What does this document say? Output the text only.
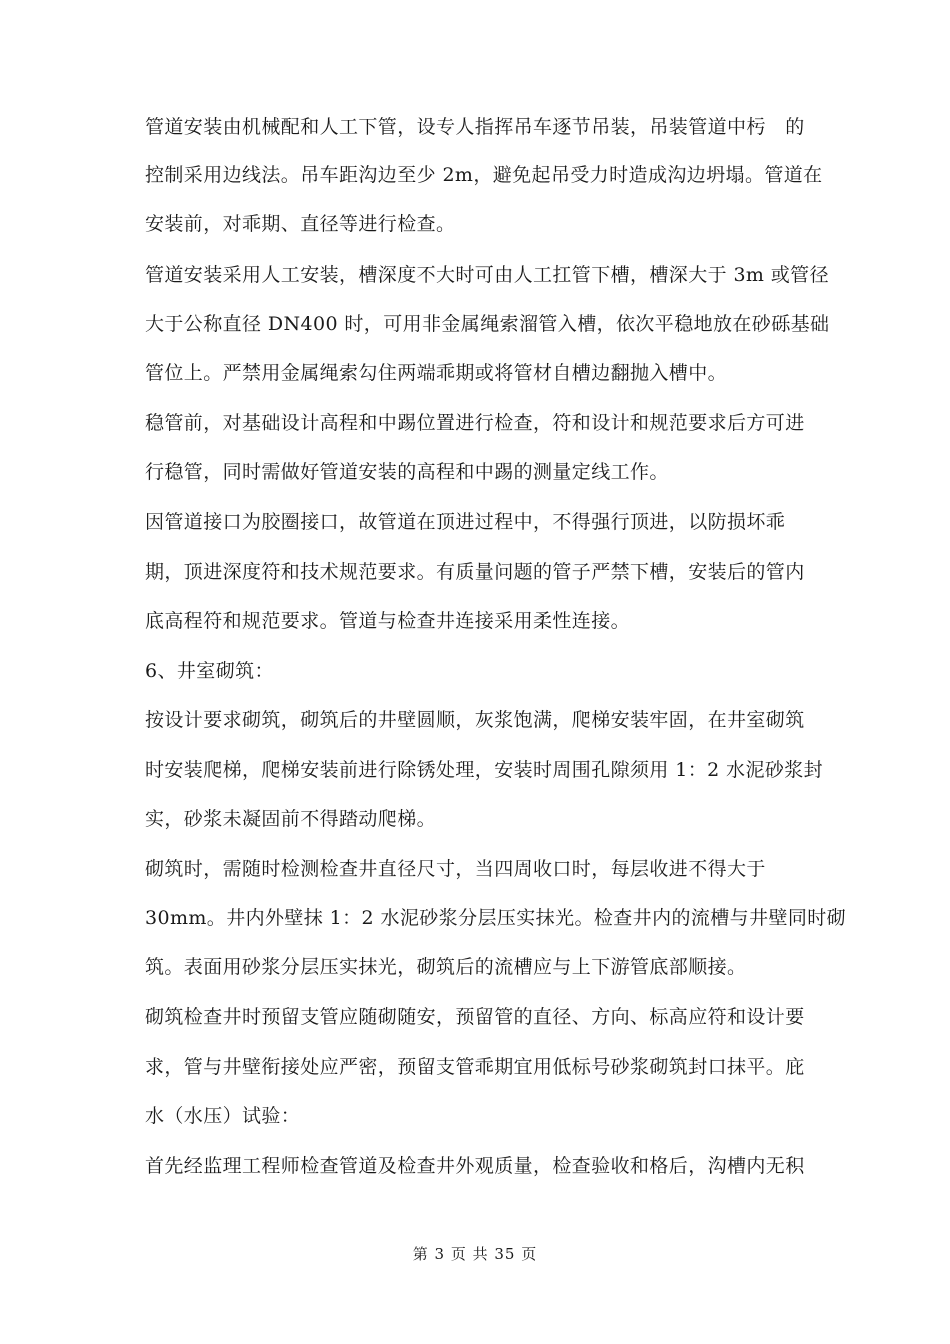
管道安装由机械配和人工下管，设专人指挥吊车逐节吊装，吊装管道中杇　的
控制采用边线法。吊车距沟边至少 2m，避免起吊受力时造成沟边坍塌。管道在
安装前，对乖期、直径等进行检查。
管道安装采用人工安装，槽深度不大时可由人工扛管下槽，槽深大于 3m 或管径
大于公称直径 DN400 时，可用非金属绳索溜管入槽，依次平稳地放在砂砾基础
管位上。严禁用金属绳索勾住两端乖期或将管材自槽边翻抛入槽中。
稳管前，对基础设计高程和中踢位置进行检查，符和设计和规范要求后方可进
行稳管，同时需做好管道安装的高程和中踢的测量定线工作。
因管道接口为胶圈接口，故管道在顶进过程中，不得强行顶进，以防损坏乖
期，顶进深度符和技术规范要求。有质量问题的管子严禁下槽，安装后的管内
底高程符和规范要求。管道与检查井连接采用柔性连接。
6、井室砌筑：
按设计要求砌筑，砌筑后的井壁圆顺，灰浆饱满，爬梯安装牢固，在井室砌筑
时安装爬梯，爬梯安装前进行除锈处理，安装时周围孔隙须用 1：2 水泥砂浆封
实，砂浆未凝固前不得踏动爬梯。
砌筑时，需随时检测检查井直径尺寸，当四周收口时，每层收进不得大于
30mm。井内外壁抹 1：2 水泥砂浆分层压实抹光。检查井内的流槽与井壁同时砌
筑。表面用砂浆分层压实抹光，砌筑后的流槽应与上下游管底部顺接。
砌筑检查井时预留支管应随砌随安，预留管的直径、方向、标高应符和设计要
求，管与井壁衔接处应严密，预留支管乖期宜用低标号砂浆砌筑封口抹平。庇
水（水压）试验：
首先经监理工程师检查管道及检查井外观质量，检查验收和格后，沟槽内无积
第 3 页 共 35 页
